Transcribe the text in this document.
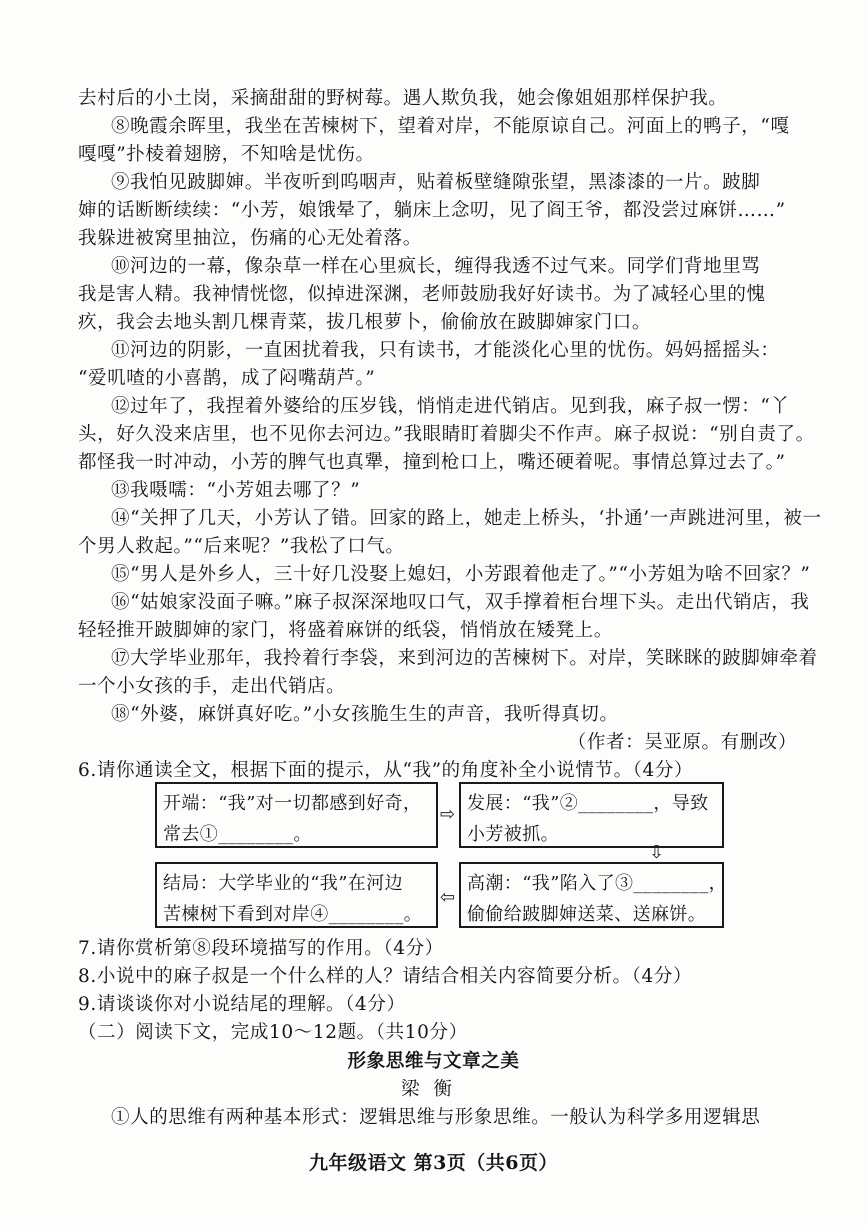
去村后的小土岗，采摘甜甜的野树莓。遇人欺负我，她会像姐姐那样保护我。
⑧晚霞余晖里，我坐在苦楝树下，望着对岸，不能原谅自己。河面上的鸭子，“嘎
嘎嘎”扑棱着翅膀，不知啥是忧伤。
⑨我怕见跛脚婶。半夜听到呜咽声，贴着板壁缝隙张望，黑漆漆的一片。跛脚
婶的话断断续续：“小芳，娘饿晕了，躺床上念叨，见了阎王爷，都没尝过麻饼……”
我躲进被窝里抽泣，伤痛的心无处着落。
⑩河边的一幕，像杂草一样在心里疯长，缠得我透不过气来。同学们背地里骂
我是害人精。我神情恍惚，似掉进深渊，老师鼓励我好好读书。为了减轻心里的愧
疚，我会去地头割几棵青菜，拔几根萝卜，偷偷放在跛脚婶家门口。
⑪河边的阴影，一直困扰着我，只有读书，才能淡化心里的忧伤。妈妈摇摇头：
“爱叽喳的小喜鹊，成了闷嘴葫芦。”
⑫过年了，我捏着外婆给的压岁钱，悄悄走进代销店。见到我，麻子叔一愣：“丫
头，好久没来店里，也不见你去河边。”我眼睛盯着脚尖不作声。麻子叔说：“别自责了。
都怪我一时冲动，小芳的脾气也真犟，撞到枪口上，嘴还硬着呢。事情总算过去了。”
⑬我嗫嚅：“小芳姐去哪了？”
⑭“关押了几天，小芳认了错。回家的路上，她走上桥头，‘扑通’一声跳进河里，被一
个男人救起。”“后来呢？”我松了口气。
⑮“男人是外乡人，三十好几没娶上媳妇，小芳跟着他走了。”“小芳姐为啥不回家？”
⑯“姑娘家没面子嘛。”麻子叔深深地叹口气，双手撑着柜台埋下头。走出代销店，我
轻轻推开跛脚婶的家门，将盛着麻饼的纸袋，悄悄放在矮凳上。
⑰大学毕业那年，我拎着行李袋，来到河边的苦楝树下。对岸，笑眯眯的跛脚婶牵着
一个小女孩的手，走出代销店。
⑱“外婆，麻饼真好吃。”小女孩脆生生的声音，我听得真切。
（作者：吴亚原。有删改）
6.请你通读全文，根据下面的提示，从“我”的角度补全小说情节。（4分）
开端：“我”对一切都感到好奇，
常去①________。
⇨
发展：“我”②________，导致
小芳被抓。
⇩
高潮：“我”陷入了③________，
偷偷给跛脚婶送菜、送麻饼。
⇦
结局：大学毕业的“我”在河边
苦楝树下看到对岸④________。
7.请你赏析第⑧段环境描写的作用。（4分）
8.小说中的麻子叔是一个什么样的人？请结合相关内容简要分析。（4分）
9.请谈谈你对小说结尾的理解。（4分）
（二）阅读下文，完成10～12题。（共10分）
形象思维与文章之美
梁衡
①人的思维有两种基本形式：逻辑思维与形象思维。一般认为科学多用逻辑思
九年级语文 第3页（共6页）
